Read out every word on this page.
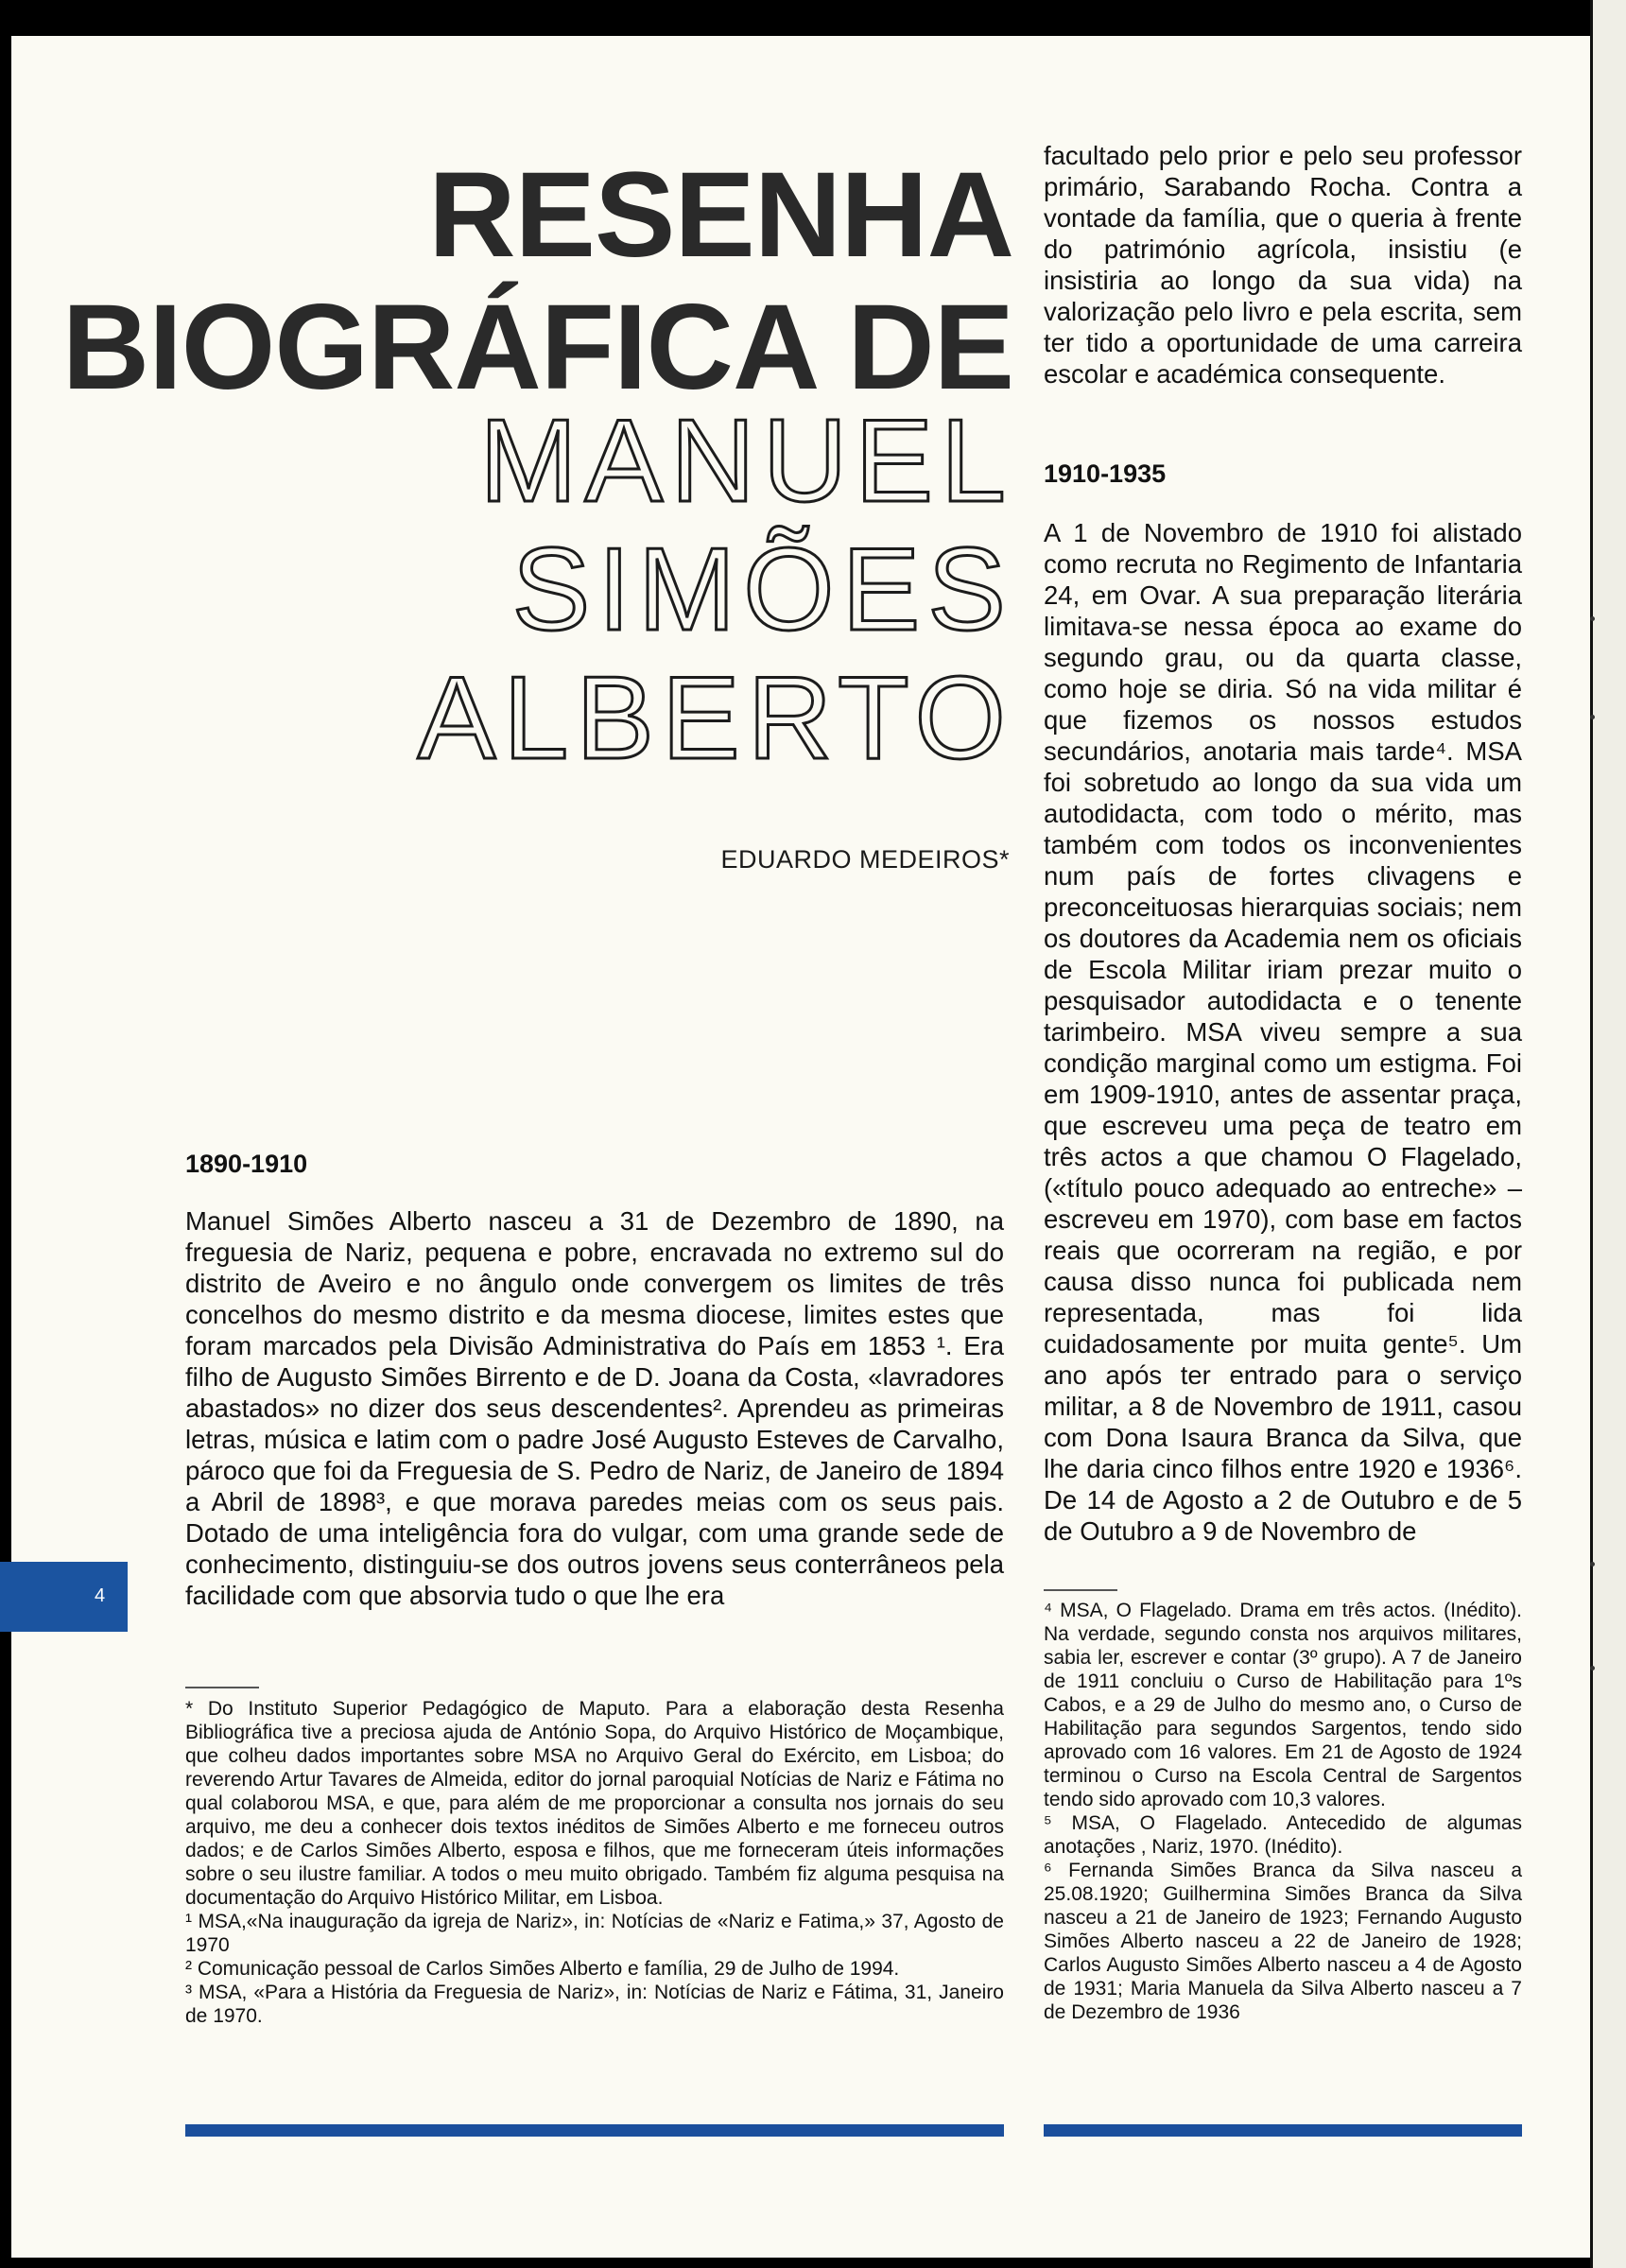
RESENHA
BIOGRÁFICA DE
MANUEL
SIMÕES
ALBERTO
EDUARDO MEDEIROS*
1890-1910
Manuel Simões Alberto nasceu a 31 de Dezembro de 1890, na freguesia de Nariz, pequena e pobre, encravada no extremo sul do distrito de Aveiro e no ângulo onde convergem os limites de três concelhos do mesmo distrito e da mesma diocese, limites estes que foram marcados pela Divisão Administrativa do País em 1853 ¹. Era filho de Augusto Simões Birrento e de D. Joana da Costa, «lavradores abastados» no dizer dos seus descendentes². Aprendeu as primeiras letras, música e latim com o padre José Augusto Esteves de Carvalho, pároco que foi da Freguesia de S. Pedro de Nariz, de Janeiro de 1894 a Abril de 1898³, e que morava paredes meias com os seus pais. Dotado de uma inteligência fora do vulgar, com uma grande sede de conhecimento, distinguiu-se dos outros jovens seus conterrâneos pela facilidade com que absorvia tudo o que lhe era

* Do Instituto Superior Pedagógico de Maputo. Para a elaboração desta Resenha Bibliográfica tive a preciosa ajuda de António Sopa, do Arquivo Histórico de Moçambique, que colheu dados importantes sobre MSA no Arquivo Geral do Exército, em Lisboa; do reverendo Artur Tavares de Almeida, editor do jornal paroquial Notícias de Nariz e Fátima no qual colaborou MSA, e que, para além de me proporcionar a consulta nos jornais do seu arquivo, me deu a conhecer dois textos inéditos de Simões Alberto e me forneceu outros dados; e de Carlos Simões Alberto, esposa e filhos, que me forneceram úteis informações sobre o seu ilustre familiar. A todos o meu muito obrigado. Também fiz alguma pesquisa na documentação do Arquivo Histórico Militar, em Lisboa.

¹ MSA,«Na inauguração da igreja de Nariz», in: Notícias de «Nariz e Fatima,» 37, Agosto de 1970

² Comunicação pessoal de Carlos Simões Alberto e família, 29 de Julho de 1994.

³ MSA, «Para a História da Freguesia de Nariz», in: Notícias de Nariz e Fátima, 31, Janeiro de 1970.

facultado pelo prior e pelo seu professor primário, Sarabando Rocha. Contra a vontade da família, que o queria à frente do património agrícola, insistiu (e insistiria ao longo da sua vida) na valorização pelo livro e pela escrita, sem ter tido a oportunidade de uma carreira escolar e académica consequente.
1910-1935
A 1 de Novembro de 1910 foi alistado como recruta no Regimento de Infantaria 24, em Ovar. A sua preparação literária limitava-se nessa época ao exame do segundo grau, ou da quarta classe, como hoje se diria. Só na vida militar é que fizemos os nossos estudos secundários, anotaria mais tarde⁴. MSA foi sobretudo ao longo da sua vida um autodidacta, com todo o mérito, mas também com todos os inconvenientes num país de fortes clivagens e preconceituosas hierarquias sociais; nem os doutores da Academia nem os oficiais de Escola Militar iriam prezar muito o pesquisador autodidacta e o tenente tarimbeiro. MSA viveu sempre a sua condição marginal como um estigma. Foi em 1909-1910, antes de assentar praça, que escreveu uma peça de teatro em três actos a que chamou O Flagelado, («título pouco adequado ao entreche» – escreveu em 1970), com base em factos reais que ocorreram na região, e por causa disso nunca foi publicada nem representada, mas foi lida cuidadosamente por muita gente⁵. Um ano após ter entrado para o serviço militar, a 8 de Novembro de 1911, casou com Dona Isaura Branca da Silva, que lhe daria cinco filhos entre 1920 e 1936⁶. De 14 de Agosto a 2 de Outubro e de 5 de Outubro a 9 de Novembro de

⁴ MSA, O Flagelado. Drama em três actos. (Inédito). Na verdade, segundo consta nos arquivos militares, sabia ler, escrever e contar (3º grupo). A 7 de Janeiro de 1911 concluiu o Curso de Habilitação para 1ºs Cabos, e a 29 de Julho do mesmo ano, o Curso de Habilitação para segundos Sargentos, tendo sido aprovado com 16 valores. Em 21 de Agosto de 1924 terminou o Curso na Escola Central de Sargentos tendo sido aprovado com 10,3 valores.

⁵ MSA, O Flagelado. Antecedido de algumas anotações , Nariz, 1970. (Inédito).

⁶ Fernanda Simões Branca da Silva nasceu a 25.08.1920; Guilhermina Simões Branca da Silva nasceu a 21 de Janeiro de 1923; Fernando Augusto Simões Alberto nasceu a 22 de Janeiro de 1928; Carlos Augusto Simões Alberto nasceu a 4 de Agosto de 1931; Maria Manuela da Silva Alberto nasceu a 7 de Dezembro de 1936

4
